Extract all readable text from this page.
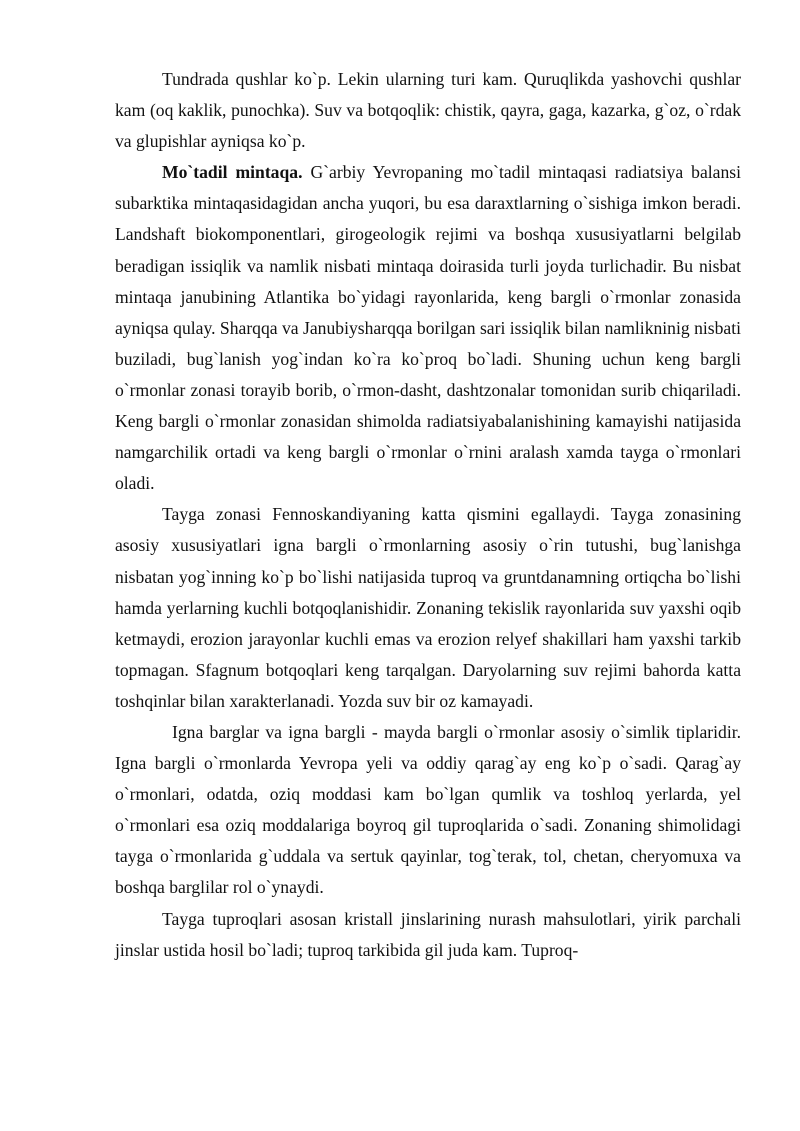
Tundrada qushlar ko`p. Lekin ularning turi kam. Quruqlikda yashovchi qushlar kam (oq kaklik, punochka). Suv va botqoqlik: chistik, qayra, gaga, kazarka, g`oz, o`rdak va glupishlar ayniqsa ko`p.

Mo`tadil mintaqa. G`arbiy Yevropaning mo`tadil mintaqasi radiatsiya balansi subarktika mintaqasidagidan ancha yuqori, bu esa daraxtlarning o`sishiga imkon beradi. Landshaft biokomponentlari, girogeologik rejimi va boshqa xususiyatlarni belgilab beradigan issiqlik va namlik nisbati mintaqa doirasida turli joyda turlichadir. Bu nisbat mintaqa janubining Atlantika bo`yidagi rayonlarida, keng bargli o`rmonlar zonasida ayniqsa qulay. Sharqqa va Janubiysharqqa borilgan sari issiqlik bilan namlikninig nisbati buziladi, bug`lanish yog`indan ko`ra ko`proq bo`ladi. Shuning uchun keng bargli o`rmonlar zonasi torayib borib, o`rmon-dasht, dashtzonalar tomonidan surib chiqariladi. Keng bargli o`rmonlar zonasidan shimolda radiatsiyabalanishining kamayishi natijasida namgarchilik ortadi va keng bargli o`rmonlar o`rnini aralash xamda tayga o`rmonlari oladi.

Tayga zonasi Fennoskandiyaning katta qismini egallaydi. Tayga zonasining asosiy xususiyatlari igna bargli o`rmonlarning asosiy o`rin tutushi, bug`lanishga nisbatan yog`inning ko`p bo`lishi natijasida tuproq va gruntdanamning ortiqcha bo`lishi hamda yerlarning kuchli botqoqlanishidir. Zonaning tekislik rayonlarida suv yaxshi oqib ketmaydi, erozion jarayonlar kuchli emas va erozion relyef shakillari ham yaxshi tarkib topmagan. Sfagnum botqoqlari keng tarqalgan. Daryolarning suv rejimi bahorda katta toshqinlar bilan xarakterlanadi. Yozda suv bir oz kamayadi.

Igna barglar va igna bargli - mayda bargli o`rmonlar asosiy o`simlik tiplaridir. Igna bargli o`rmonlarda Yevropa yeli va oddiy qarag`ay eng ko`p o`sadi. Qarag`ay o`rmonlari, odatda, oziq moddasi kam bo`lgan qumlik va toshloq yerlarda, yel o`rmonlari esa oziq moddalariga boyroq gil tuproqlarida o`sadi. Zonaning shimolidagi tayga o`rmonlarida g`uddala va sertuk qayinlar, tog`terak, tol, chetan, cheryomuxa va boshqa barglilar rol o`ynaydi.

Tayga tuproqlari asosan kristall jinslarining nurash mahsulotlari, yirik parchali jinslar ustida hosil bo`ladi; tuproq tarkibida gil juda kam. Tuproq-
